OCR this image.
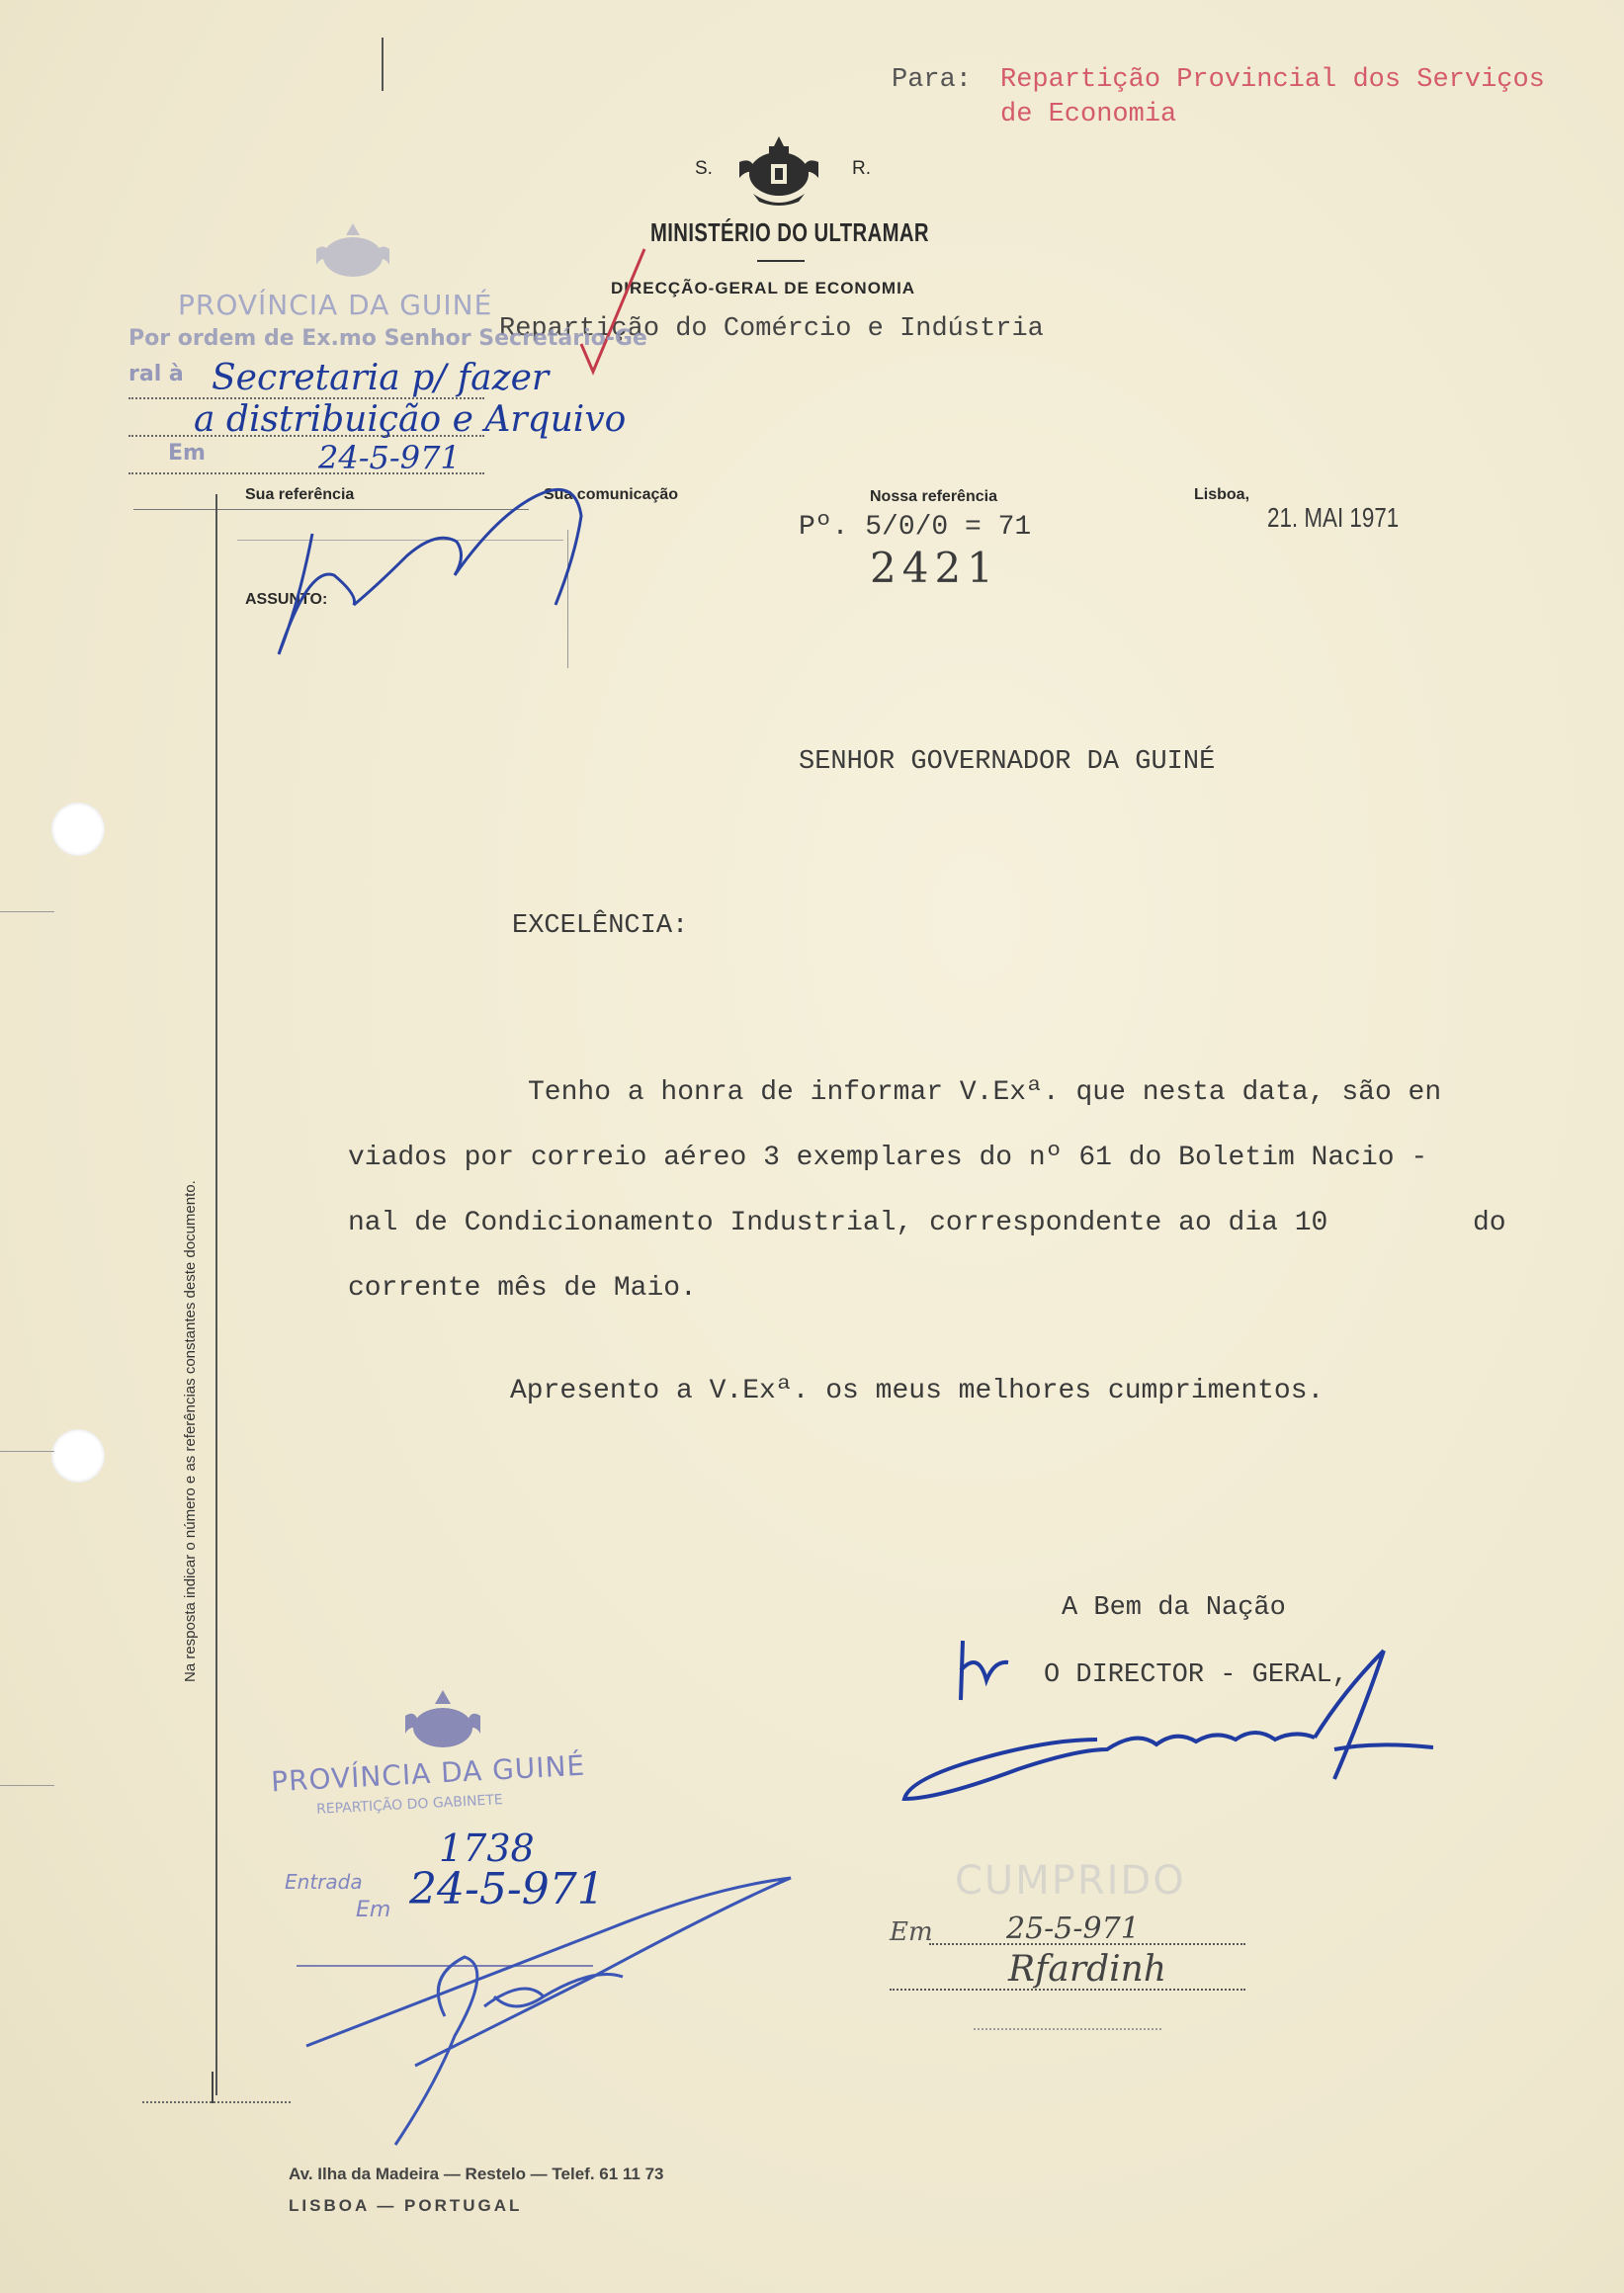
Para: Repartição Provincial dos Serviços
de Economia
S.	R.
MINISTÉRIO DO ULTRAMAR
DIRECÇÃO-GERAL DE ECONOMIA
Repartição do Comércio e Indústria
PROVÍNCIA DA GUINÉ
Por ordem de Ex.mo Senhor Secretário-Ge
ral à
Em
Secretaria p/ fazer
a distribuição e Arquivo
24-5-971
Sua referência	Sua comunicação	Nossa referência	Lisboa,
21. MAI 1971
Pº. 5/0/0 = 71
2421
ASSUNTO:
Na resposta indicar o número e as referências constantes deste documento.
SENHOR GOVERNADOR DA GUINÉ
EXCELÊNCIA:
Tenho a honra de informar V.Exª. que nesta data, são en
viados por correio aéreo 3 exemplares do nº 61 do Boletim Nacio -
nal de Condicionamento Industrial, correspondente ao dia 10	do
corrente mês de Maio.
Apresento a V.Exª. os meus melhores cumprimentos.
A Bem da Nação
O DIRECTOR - GERAL,
PROVÍNCIA DA GUINÉ
REPARTIÇÃO DO GABINETE
Entrada
Em
1738
24-5-971	CUMPRIDO
Em 25-5-971
Rfardinh
Av. Ilha da Madeira — Restelo — Telef. 61 11 73
LISBOA — PORTUGAL
